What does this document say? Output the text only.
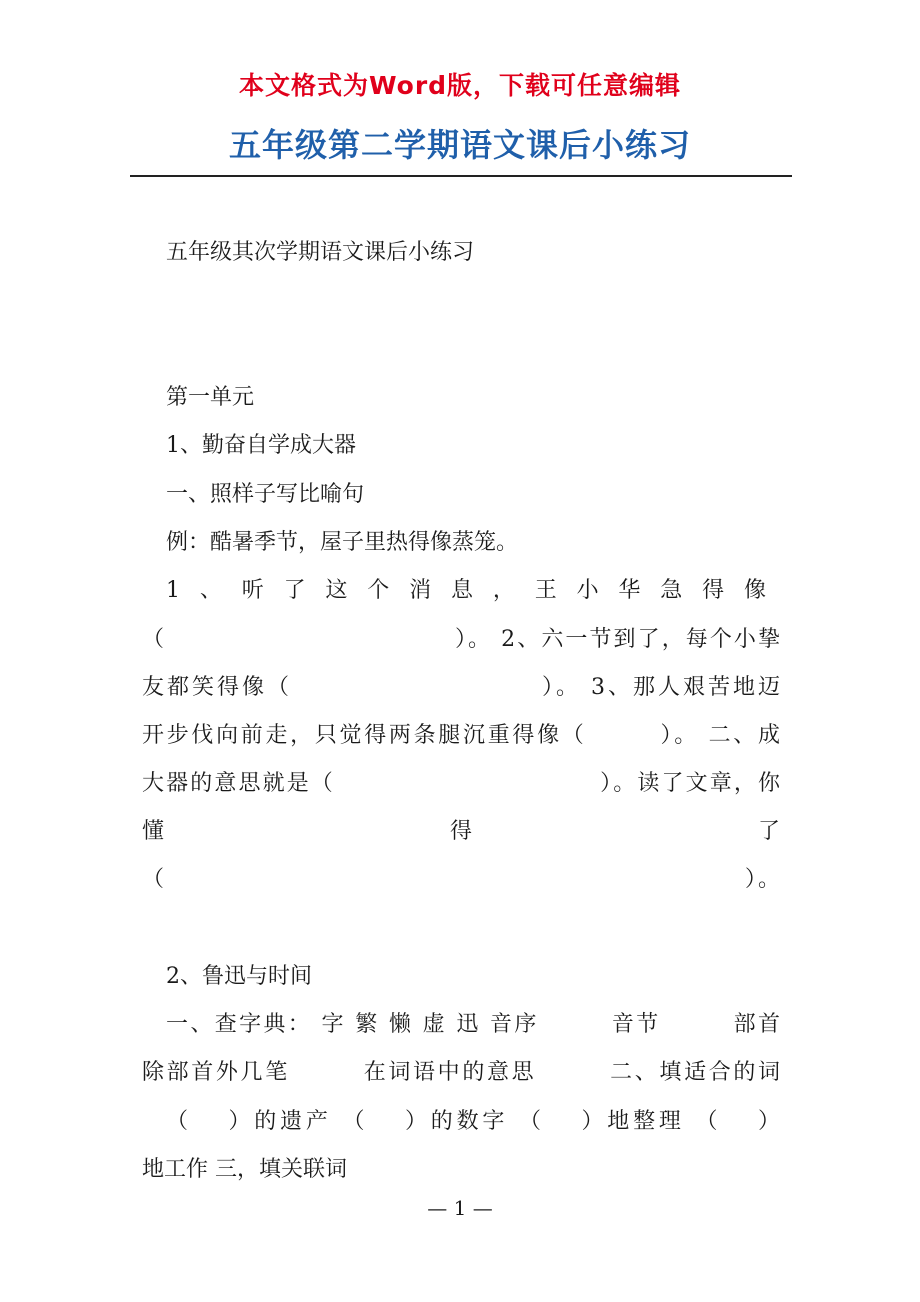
本文格式为Word版，下载可任意编辑
五年级第二学期语文课后小练习
五年级其次学期语文课后小练习
第一单元
1、勤奋自学成大器
一、照样子写比喻句
例：酷暑季节，屋子里热得像蒸笼。
1、听了这个消息，王小华急得像
（　　　　　　　　　　　　）。 2、六一节到了，每个小挚
友都笑得像（　　　　　　　　　　）。 3、那人艰苦地迈
开步伐向前走，只觉得两条腿沉重得像（　　　）。 二、成
大器的意思就是（　　　　　　　　　　　）。读了文章，你
懂　　　　　　　　　　　　得　　　　　　　　　　　　了
（　　　　　　　　　　　　　　　　　　　　　　　　）。
2、鲁迅与时间
一、查字典： 字 繁 懒 虚 迅 音序　　　音节　　　部首
除部首外几笔　　　在词语中的意思　　　二、填适合的词
（　 ）的遗产 （　 ）的数字 （　 ）地整理 （　 ）
地工作 三，填关联词
— 1 —
